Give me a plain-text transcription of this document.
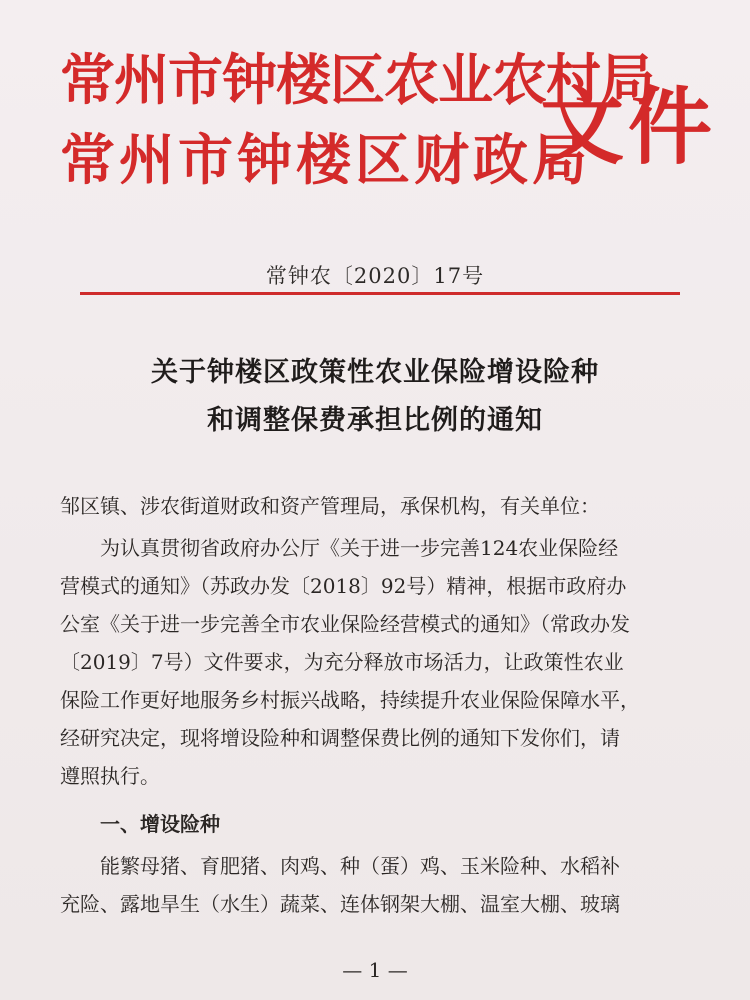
常州市钟楼区农业农村局
常州市钟楼区财政局
文件
常钟农〔2020〕17号
关于钟楼区政策性农业保险增设险种
和调整保费承担比例的通知
邹区镇、涉农街道财政和资产管理局，承保机构，有关单位：
为认真贯彻省政府办公厅《关于进一步完善124农业保险经
营模式的通知》（苏政办发〔2018〕92号）精神，根据市政府办
公室《关于进一步完善全市农业保险经营模式的通知》（常政办发
〔2019〕7号）文件要求，为充分释放市场活力，让政策性农业
保险工作更好地服务乡村振兴战略，持续提升农业保险保障水平，
经研究决定，现将增设险种和调整保费比例的通知下发你们，请
遵照执行。
一、增设险种
能繁母猪、育肥猪、肉鸡、种（蛋）鸡、玉米险种、水稻补
充险、露地旱生（水生）蔬菜、连体钢架大棚、温室大棚、玻璃
— 1 —
